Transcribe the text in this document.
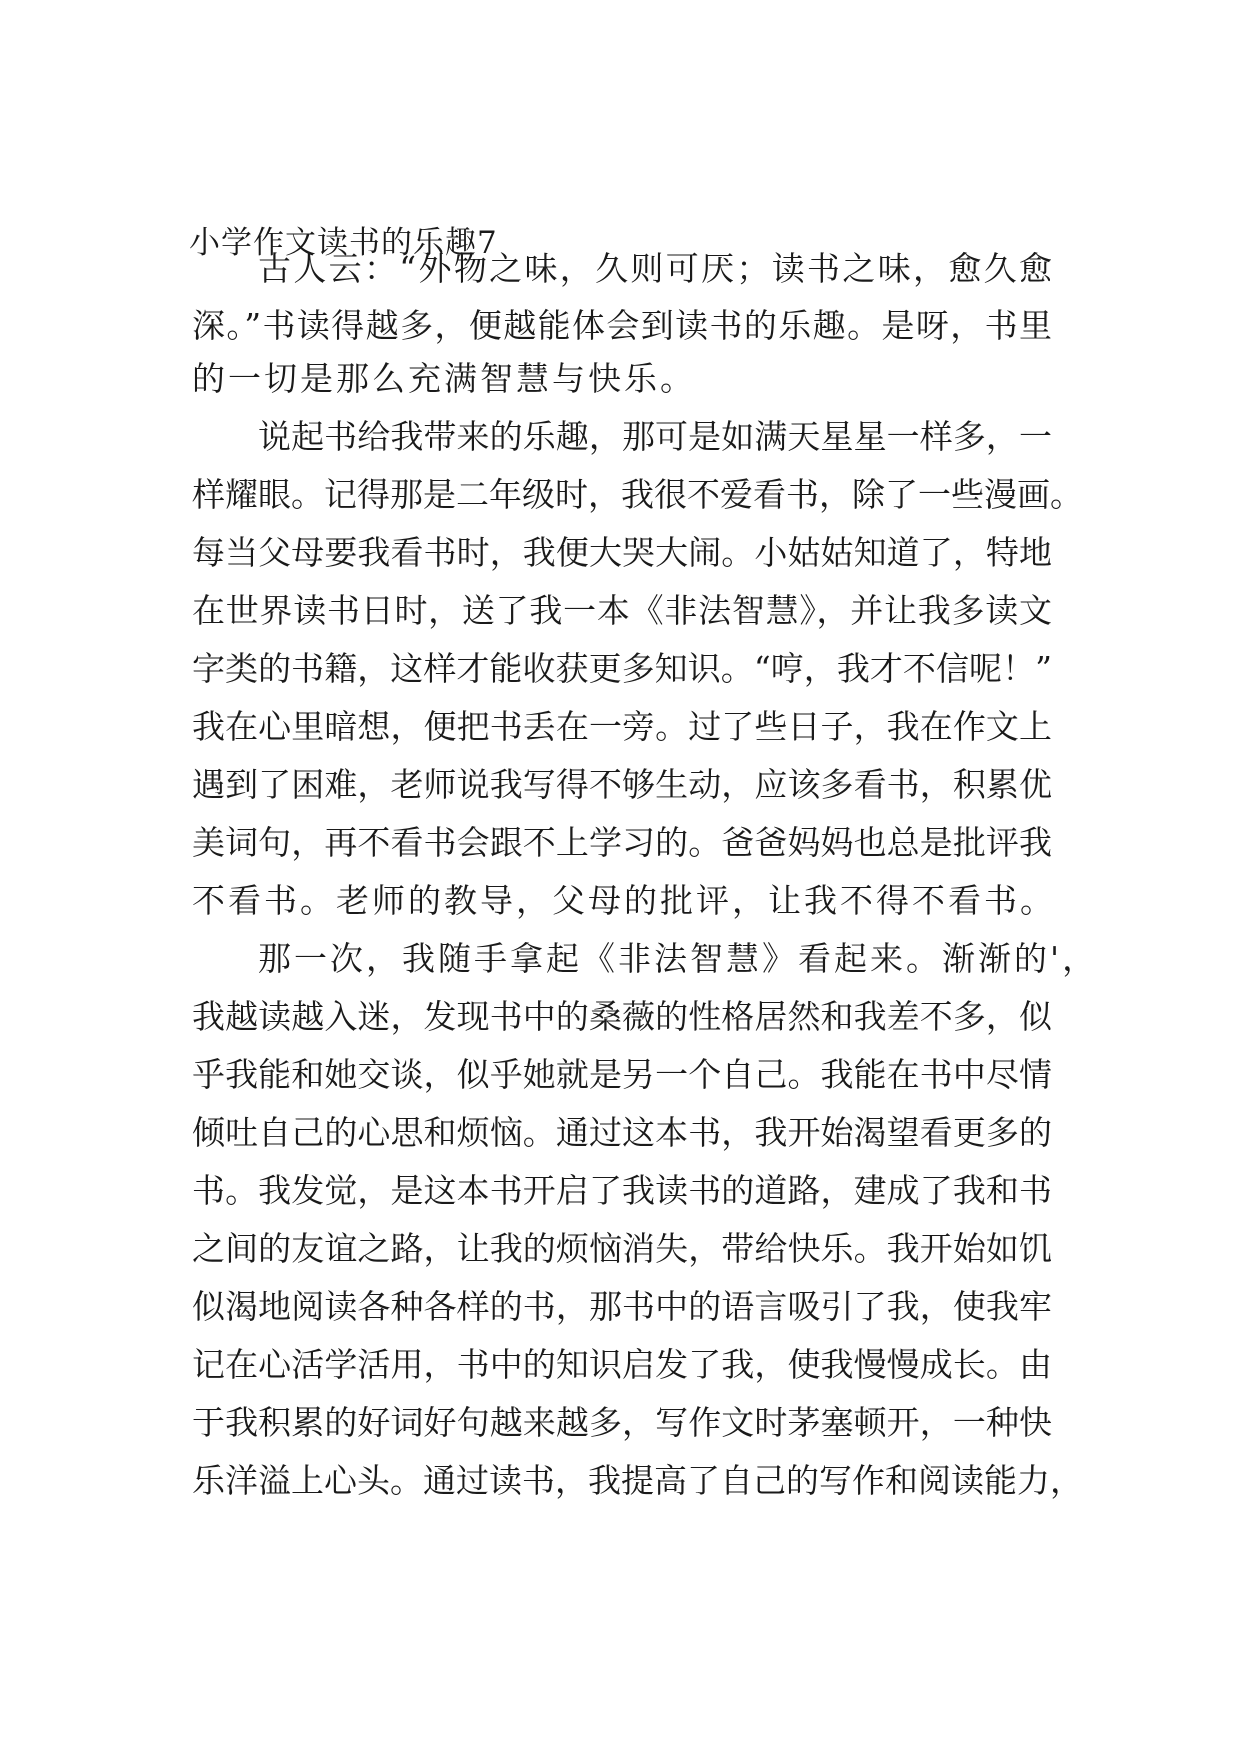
小学作文读书的乐趣7
古人云：“外物之味，久则可厌；读书之味，愈久愈
深。”书读得越多，便越能体会到读书的乐趣。是呀，书里
的一切是那么充满智慧与快乐。
说起书给我带来的乐趣，那可是如满天星星一样多，一
样耀眼。记得那是二年级时，我很不爱看书，除了一些漫画。
每当父母要我看书时，我便大哭大闹。小姑姑知道了，特地
在世界读书日时，送了我一本《非法智慧》，并让我多读文
字类的书籍，这样才能收获更多知识。“哼，我才不信呢！”
我在心里暗想，便把书丢在一旁。过了些日子，我在作文上
遇到了困难，老师说我写得不够生动，应该多看书，积累优
美词句，再不看书会跟不上学习的。爸爸妈妈也总是批评我
不看书。老师的教导，父母的批评，让我不得不看书。
那一次，我随手拿起《非法智慧》看起来。渐渐的'，
我越读越入迷，发现书中的桑薇的性格居然和我差不多，似
乎我能和她交谈，似乎她就是另一个自己。我能在书中尽情
倾吐自己的心思和烦恼。通过这本书，我开始渴望看更多的
书。我发觉，是这本书开启了我读书的道路，建成了我和书
之间的友谊之路，让我的烦恼消失，带给快乐。我开始如饥
似渴地阅读各种各样的书，那书中的语言吸引了我，使我牢
记在心活学活用，书中的知识启发了我，使我慢慢成长。由
于我积累的好词好句越来越多，写作文时茅塞顿开，一种快
乐洋溢上心头。通过读书，我提高了自己的写作和阅读能力，
